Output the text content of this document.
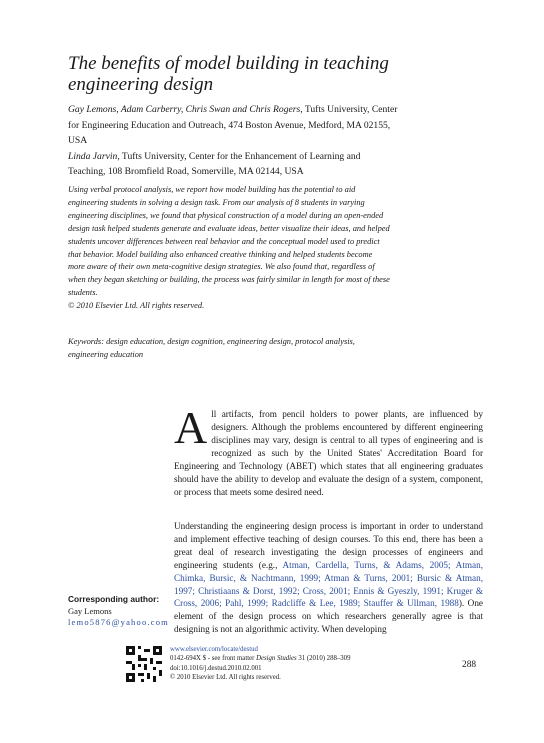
The benefits of model building in teaching engineering design
Gay Lemons, Adam Carberry, Chris Swan and Chris Rogers, Tufts University, Center for Engineering Education and Outreach, 474 Boston Avenue, Medford, MA 02155, USA
Linda Jarvin, Tufts University, Center for the Enhancement of Learning and Teaching, 108 Bromfield Road, Somerville, MA 02144, USA
Using verbal protocol analysis, we report how model building has the potential to aid engineering students in solving a design task. From our analysis of 8 students in varying engineering disciplines, we found that physical construction of a model during an open-ended design task helped students generate and evaluate ideas, better visualize their ideas, and helped students uncover differences between real behavior and the conceptual model used to predict that behavior. Model building also enhanced creative thinking and helped students become more aware of their own meta-cognitive design strategies. We also found that, regardless of when they began sketching or building, the process was fairly similar in length for most of these students.
© 2010 Elsevier Ltd. All rights reserved.
Keywords: design education, design cognition, engineering design, protocol analysis, engineering education
All artifacts, from pencil holders to power plants, are influenced by designers. Although the problems encountered by different engineering disciplines may vary, design is central to all types of engineering and is recognized as such by the United States' Accreditation Board for Engineering and Technology (ABET) which states that all engineering graduates should have the ability to develop and evaluate the design of a system, component, or process that meets some desired need.
Understanding the engineering design process is important in order to understand and implement effective teaching of design courses. To this end, there has been a great deal of research investigating the design processes of engineers and engineering students (e.g., Atman, Cardella, Turns, & Adams, 2005; Atman, Chimka, Bursic, & Nachtmann, 1999; Atman & Turns, 2001; Bursic & Atman, 1997; Christiaans & Dorst, 1992; Cross, 2001; Ennis & Gyeszly, 1991; Kruger & Cross, 2006; Pahl, 1999; Radcliffe & Lee, 1989; Stauffer & Ullman, 1988). One element of the design process on which researchers generally agree is that designing is not an algorithmic activity. When developing
Corresponding author:
Gay Lemons
lemo5876@yahoo.com
www.elsevier.com/locate/destud
0142-694X $ - see front matter Design Studies 31 (2010) 288–309
doi:10.1016/j.destud.2010.02.001
© 2010 Elsevier Ltd. All rights reserved.
288
